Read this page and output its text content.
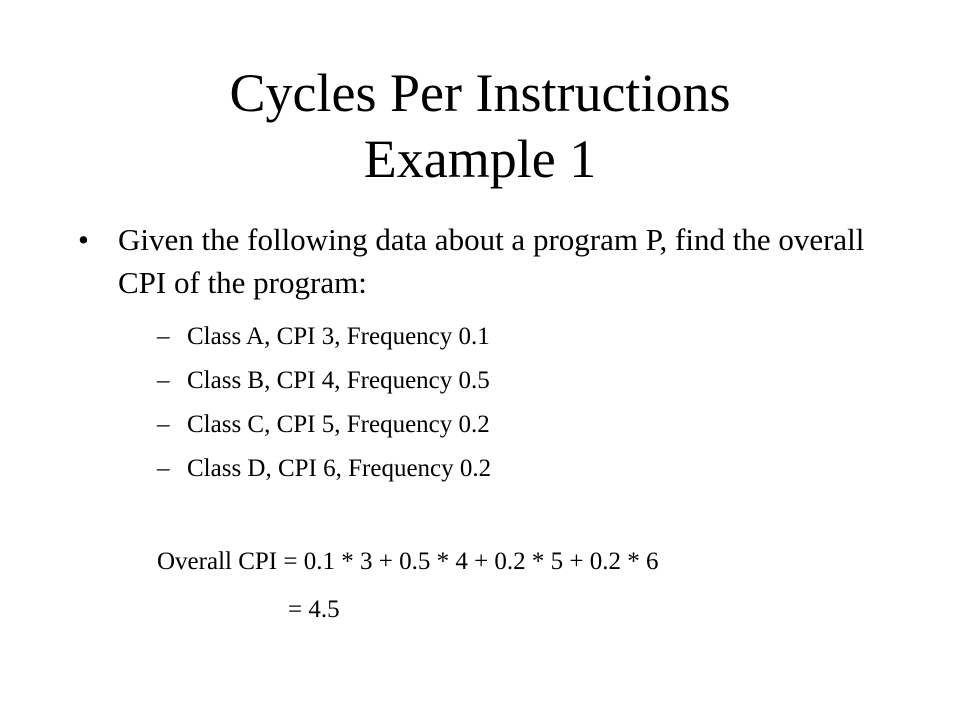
Cycles Per Instructions
Example 1
• Given the following data about a program P, find the overall CPI of the program:
– Class A, CPI 3, Frequency 0.1
– Class B, CPI 4, Frequency 0.5
– Class C, CPI 5, Frequency 0.2
– Class D, CPI 6, Frequency 0.2
Overall CPI = 0.1 * 3 + 0.5 * 4 + 0.2 * 5 + 0.2 * 6
= 4.5
